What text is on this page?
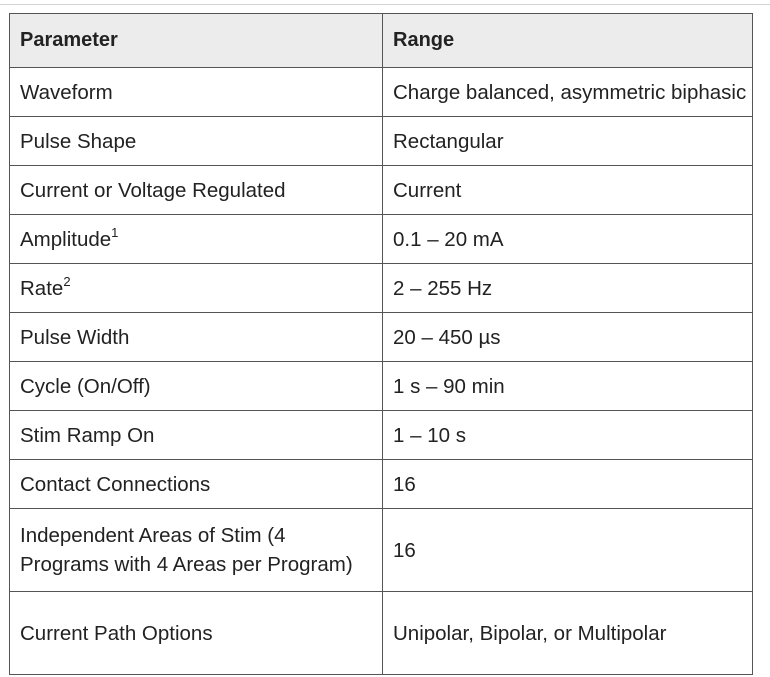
Parameter	Range
Waveform	Charge balanced, asymmetric biphasic
Pulse Shape	Rectangular
Current or Voltage Regulated	Current
Amplitude$^1$	0.1 – 20 mA
Rate$^2$	2 – 255 Hz
Pulse Width	20 – 450 µs
Cycle (On/Off)	1 s – 90 min
Stim Ramp On	1 – 10 s
Contact Connections	16
Independent Areas of Stim (4 Programs with 4 Areas per Program)	16
Current Path Options	Unipolar, Bipolar, or Multipolar
